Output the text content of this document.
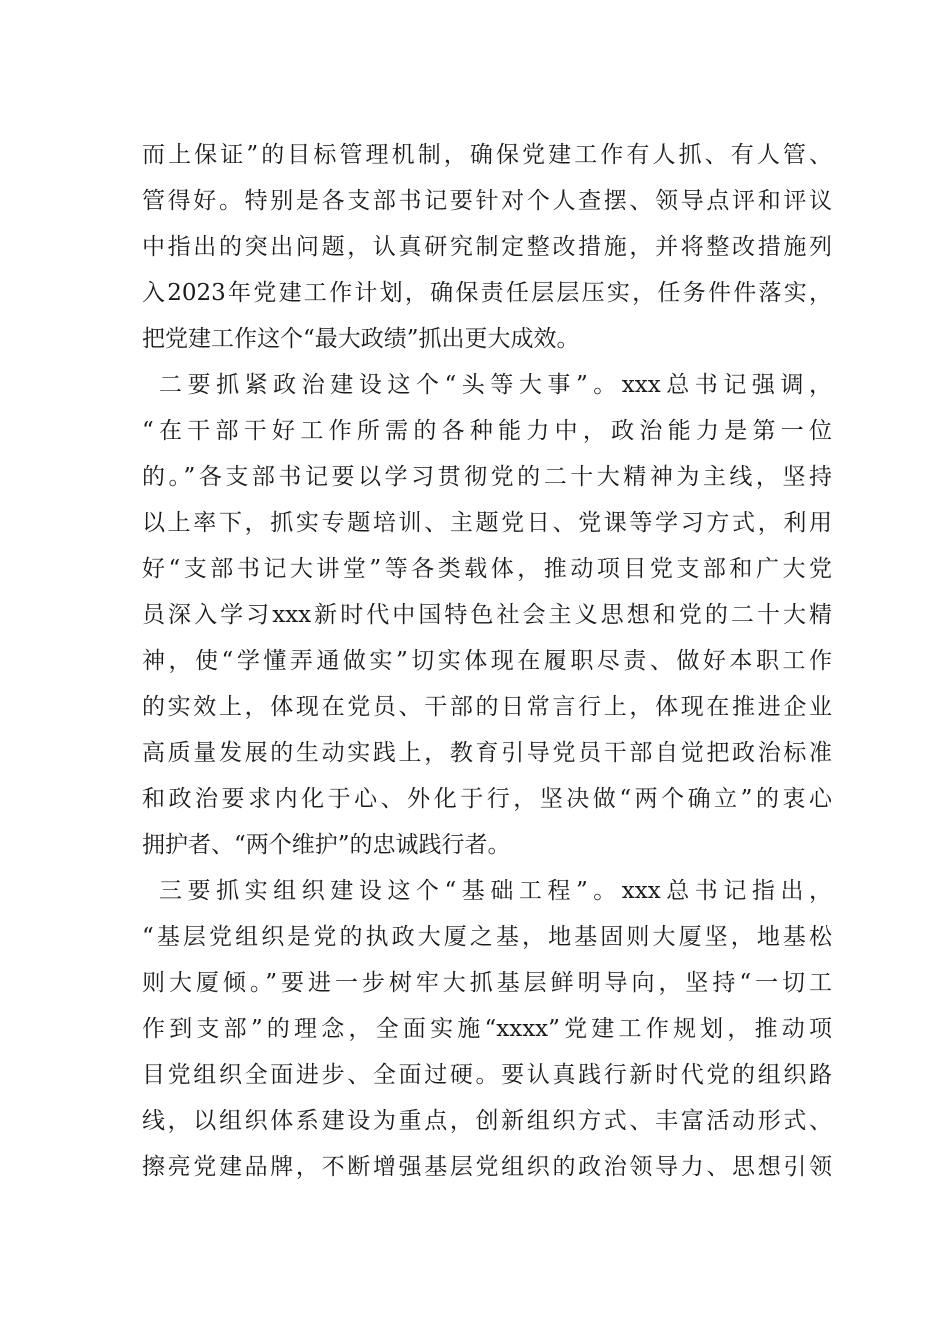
而上保证”的目标管理机制，确保党建工作有人抓、有人管、
管得好。特别是各支部书记要针对个人查摆、领导点评和评议
中指出的突出问题，认真研究制定整改措施，并将整改措施列
入2023年党建工作计划，确保责任层层压实，任务件件落实，
把党建工作这个“最大政绩”抓出更大成效。
二要抓紧政治建设这个“头等大事”。xxx总书记强调，
“在干部干好工作所需的各种能力中，政治能力是第一位
的。”各支部书记要以学习贯彻党的二十大精神为主线，坚持
以上率下，抓实专题培训、主题党日、党课等学习方式，利用
好“支部书记大讲堂”等各类载体，推动项目党支部和广大党
员深入学习xxx新时代中国特色社会主义思想和党的二十大精
神，使“学懂弄通做实”切实体现在履职尽责、做好本职工作
的实效上，体现在党员、干部的日常言行上，体现在推进企业
高质量发展的生动实践上，教育引导党员干部自觉把政治标准
和政治要求内化于心、外化于行，坚决做“两个确立”的衷心
拥护者、“两个维护”的忠诚践行者。
三要抓实组织建设这个“基础工程”。xxx总书记指出，
“基层党组织是党的执政大厦之基，地基固则大厦坚，地基松
则大厦倾。”要进一步树牢大抓基层鲜明导向，坚持“一切工
作到支部”的理念，全面实施“xxxx”党建工作规划，推动项
目党组织全面进步、全面过硬。要认真践行新时代党的组织路
线，以组织体系建设为重点，创新组织方式、丰富活动形式、
擦亮党建品牌，不断增强基层党组织的政治领导力、思想引领
